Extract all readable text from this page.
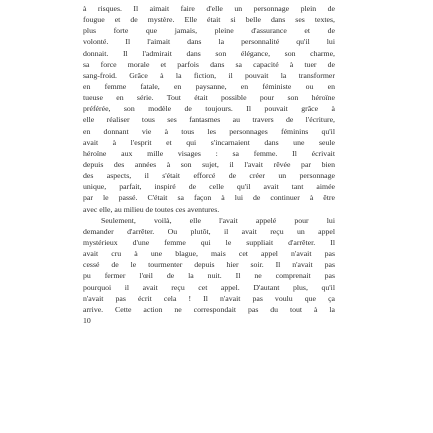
à risques. Il aimait faire d'elle un personnage plein de
fougue et de mystère. Elle était si belle dans ses textes,
plus forte que jamais, pleine d'assurance et de
volonté. Il l'aimait dans la personnalité qu'il lui
donnait. Il l'admirait dans son élégance, son charme,
sa force morale et parfois dans sa capacité à tuer de
sang-froid. Grâce à la fiction, il pouvait la transformer
en femme fatale, en paysanne, en féministe ou en
tueuse en série. Tout était possible pour son héroïne
préférée, son modèle de toujours. Il pouvait grâce à
elle réaliser tous ses fantasmes au travers de l'écriture,
en donnant vie à tous les personnages féminins qu'il
avait à l'esprit et qui s'incarnaient dans une seule
héroïne aux mille visages : sa femme. Il écrivait
depuis des années à son sujet, il l'avait rêvée par bien
des aspects, il s'était efforcé de créer un personnage
unique, parfait, inspiré de celle qu'il avait tant aimée
par le passé. C'était sa façon à lui de continuer à être
avec elle, au milieu de toutes ces aventures.
Seulement, voilà, elle l'avait appelé pour lui
demander d'arrêter. Ou plutôt, il avait reçu un appel
mystérieux d'une femme qui le suppliait d'arrêter. Il
avait cru à une blague, mais cet appel n'avait pas
cessé de le tourmenter depuis hier soir. Il n'avait pas
pu fermer l'œil de la nuit. Il ne comprenait pas
pourquoi il avait reçu cet appel. D'autant plus, qu'il
n'avait pas écrit cela ! Il n'avait pas voulu que ça
arrive. Cette action ne correspondait pas du tout à la
10
